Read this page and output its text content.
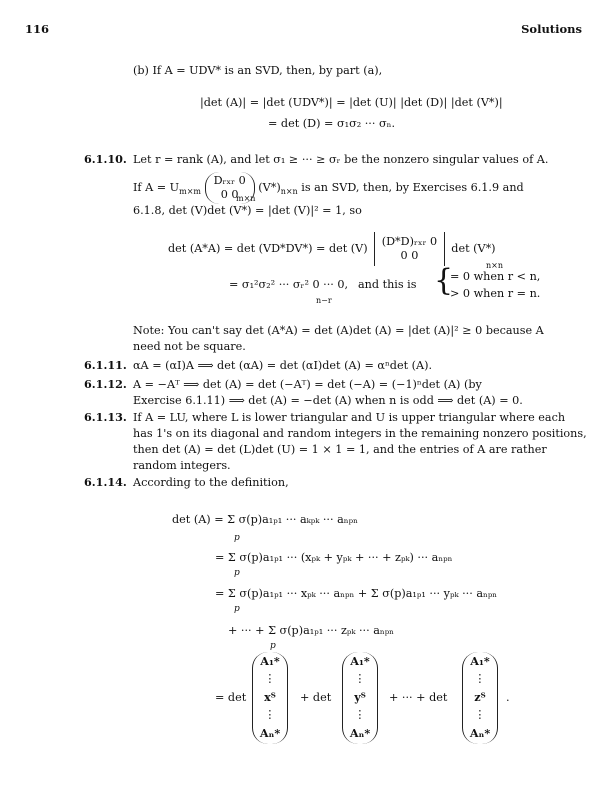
116	Solutions
(b) If A = UDV* is an SVD, then, by part (a),
|det (A)| = |det (UDV*)| = |det (U)| |det (D)| |det (V*)|
= det (D) = σ₁σ₂ ··· σₙ.
6.1.10. Let r = rank (A), and let σ₁ ≥ ··· ≥ σᵣ be the nonzero singular values of A.
If $A = U_{m\times m}$ Dᵣₓᵣ 0
0 0 $(V*)_{n\times n}$ is an SVD, then, by Exercises 6.1.9 and
m×n
6.1.8, det (V)det (V*) = |det (V)|² = 1, so
det (A*A) = det (VD*DV*) = det (V)  (D*D)ᵣₓᵣ 0
0 0  det (V*)
n×n
= σ₁²σ₂² ··· σᵣ² 0 ··· 0,
n−r
and this is {
= 0 when r < n,
> 0 when r = n.
Note: You can't say det (A*A) = det (A)det (A) = |det (A)|² ≥ 0 because A
need not be square.
6.1.11. αA = (αI)A ⟹ det (αA) = det (αI)det (A) = αⁿdet (A).
6.1.12. A = −Aᵀ ⟹ det (A) = det (−Aᵀ) = det (−A) = (−1)ⁿdet (A) (by
Exercise 6.1.11) ⟹ det (A) = −det (A) when n is odd ⟹ det (A) = 0.
6.1.13. If A = LU, where L is lower triangular and U is upper triangular where each
has 1's on its diagonal and random integers in the remaining nonzero positions,
then det (A) = det (L)det (U) = 1 × 1 = 1, and the entries of A are rather
random integers.
6.1.14. According to the definition,
det (A) = Σ σ(p)a₁ₚ₁ ··· aₖₚₖ ··· aₙₚₙ
p
= Σ σ(p)a₁ₚ₁ ··· (xₚₖ + yₚₖ + ··· + zₚₖ) ··· aₙₚₙ
p
= Σ σ(p)a₁ₚ₁ ··· xₚₖ ··· aₙₚₙ + Σ σ(p)a₁ₚ₁ ··· yₚₖ ··· aₙₚₙ
p
+ ··· + Σ σ(p)a₁ₚ₁ ··· zₚₖ ··· aₙₚₙ
p
= det
A₁*
⋮
xᵀ
⋮
Aₙ*
+ det
A₁*
⋮
yᵀ
⋮
Aₙ*
+ ··· + det
A₁*
⋮
zᵀ
⋮
Aₙ*
.
